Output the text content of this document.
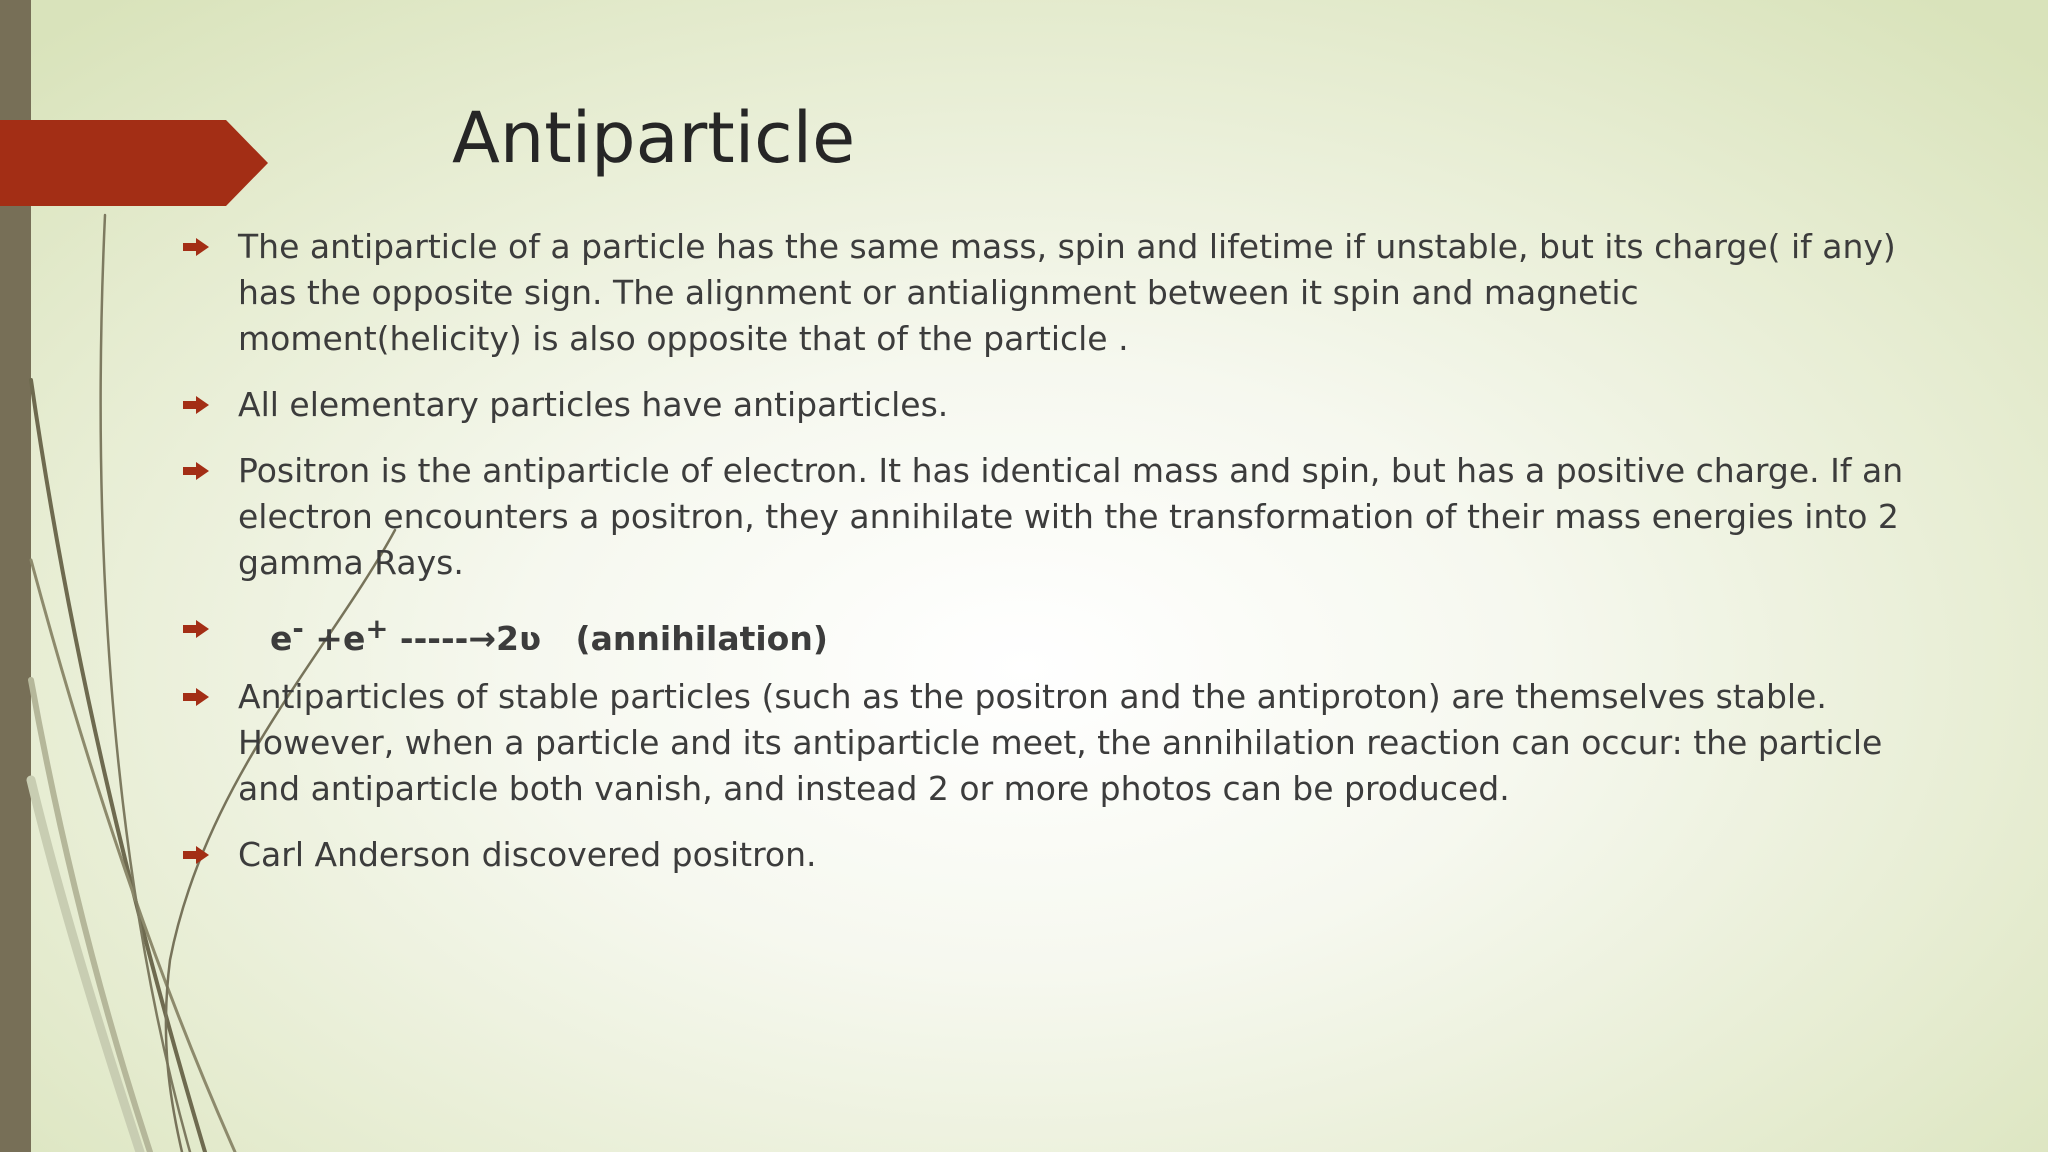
Antiparticle
The antiparticle of a particle has the same mass, spin and lifetime if unstable, but its charge( if any) has the opposite sign. The alignment or antialignment between it spin and magnetic moment(helicity) is also opposite that of the particle .
All elementary particles have antiparticles.
Positron is the antiparticle of electron. It has identical mass and spin, but has a positive charge. If an electron encounters a positron, they annihilate with the transformation of their mass energies into 2 gamma Rays.
e- +e+ -----→2ʋ   (annihilation)
Antiparticles of stable particles (such as the positron and the antiproton) are themselves stable. However, when a particle and its antiparticle meet, the annihilation reaction can occur: the particle and antiparticle both vanish, and instead 2 or more photos can be produced.
Carl Anderson discovered positron.
